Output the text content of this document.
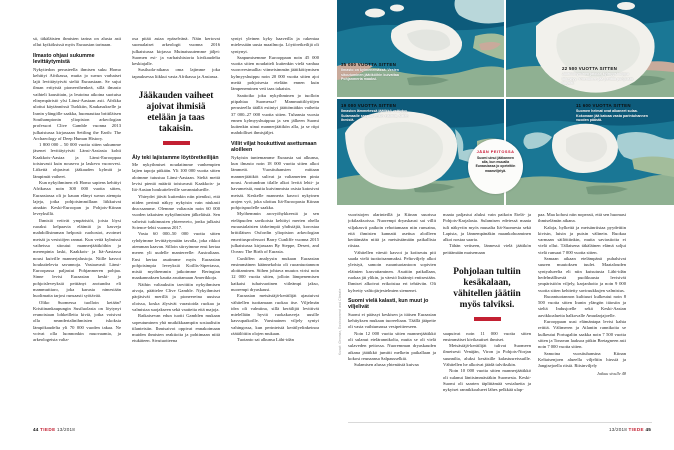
sä, täkäläisten ihmisten tarina on alusta asti ollut kytköksissä myös Euraasian tarinaan.

Ilmasto ohjasi sukumme levittäytymistä

Nykytiedon perusteella ihmisen suku Homo kehittyi Afrikassa, mutta jo suvun varhaiset lajit levittäytyivät sieltä Euraasiaan. Se sujui ilman erityistä pioneerihenkeä, sillä ilmasto vaihteli kausittain, ja leutoina aikoina suotuisa elinympäristö ylsi Länsi-Aasiaan asti. Afrikka ulottui käytännössä Turkkiin, Kaukasukselle ja Iranin ylängölle saakka, huomauttaa brittiläisen Southamptonin yliopiston arkeologian professori Clive Gamble vuonna 2013 julkaistussa kirjassaan Settling the Earth: The Archaeology of Deep Human History.

1 800 000 – 50 000 vuotta sitten sukumme jäsenet levittäytyivät Länsi-Aasiasta kohti Kaakkois-Aasiaa ja Länsi-Eurooppaa toistuvasti kuin nouseva ja laskeva vuorovesi. Liikettä ohjasivat jääkauden kylmät ja lämpimät vaiheet.

Kun nykyihminen eli Homo sapiens kehittyi Afrikassa noin 300 000 vuotta sitten, Euraasiassa oli jo kauan elänyt suvun aiempia lajeja, jotka pohjoisimmillaan liikkuivat ainakin Keski-Euroopan ja Pohjois-Kiinan leveyksillä.

Ihmisiä vetivät ympäristöt, joista löysi ruoaksi kelpaavia eläimiä ja kasveja mahdollisimman helposti: ruohostot, avoimet metsät ja vesistöjen rannat. Kun vettä kylmissä vaiheissa sitoutui mannerjäätiköihin ja merenpinta laski, Kaakkois- ja Itä-Aasiassa nousi kuiville mannerjalustoja. Niille kasvoi houkuttelevia savannoja. Vastaavasti Länsi-Euroopassa paljastui Pohjanmeren pohjaa. Sinne levisi Euraasian keski- ja pohjoisleveyksiä peittänyt arotundra eli mammuttiaro, joka karusta nimestään huolimatta tarjosi runsaasti syötävää.

Oliko Suomessa tuolloin ketään? Kristiinankaupungin Susiluolasta on löytynyt reunoistaan lohkeilleita kiviä, jotka voisivat olla neandertalinihmisten iskoksia lämpökaudelta yli 70 000 vuoden takaa. Ne voivat olla luonnonkin muovaamia, ja arkeologeista valta-

osa pitää asiaa epäselvänä. Näin kertovat suomalaiset arkeologit vuonna 2016 julkaistussa kirjassa Muinaisuutemme jäljet: Suomen esi- ja varhaishistoria kivikaudelta keskiajalle.

Susiluola-aikana oma lajimme joka tapauksessa liikkui vasta Afrikassa ja Aasiassa.

Jääkauden vaiheet ajoivat ihmisiä etelään ja taas takaisin.

Äly teki lajistamme löytöretkeilijän

Me nykyihmiset noudatimme vanhempien lajien tapoja pitkään. Yli 100 000 vuotta sitten aloimme tutustua Länsi-Aasiaan. Sieltä meitä levisi pieniä määriä toistuvasti Kaakkois- ja Itä-Aasian houkutteleville savannialueille.

Yhteydet jäivät kuitenkin niin pieniksi, että niiden perimä näkyy nykyisin vain niukasti dna:ssamme. Olemme valtaosin noin 60 000 vuoden takaisten nykyihmisten jälkeläisiä. Sen vahvisti tutkimusten yhteenveto, jonka julkaisi Science-lehti vuonna 2017.

Vasta 60 000–50 000 vuotta sitten ryhdyimme levittäytymään tavalla, joka rikkoi aiemman kaavan. Silloin siirryimme ensi kertaa meren yli uudelle mantereelle: Australiaan. Ensi kertaa asutimme myös Euraasian pohjoisimpia leveyksiä Koillis-Siperiassa, mistä myöhemmin jatkoimme Beringian maakannaksen kautta asuttamaan Amerikkoja.

Näihin valtauksiin tarvittiin nykyihmisen aivoja, päättelee Clive Gamble. Nykyihmiset pärjäsivät merillä ja pioneereina uusissa oloissa, koska älysivät varastoida ruokaa ja valmistaa suojakseen sekä vaatteita että majoja.

Ratkaisevan edun tuotti Gamblen mukaan sopeutuminen yhä mutkikkaampiin sosiaalisiin tilanteisiin. Ihmisaivot oppivat ennakoimaan muiden ihmisten reaktioita ja pohtimaan niitä etukäteen. Sivutuotteena

syntyi yleinen kyky haaveilla ja rakentaa mielessään uusia maailmoja. Löytöretkeilijä oli syntynyt.

Saapumisemme Eurooppaan noin 45 000 vuotta sitten noudatteli kuitenkin vielä vanhaa vuorovesimallia: viimeisimmän jäätiköitymisen kylmyyshuippu noin 20 000 vuotta sitten ajoi meitä pohjoisesta etelään ennen kuin lämpeneminen veti taas takaisin.

Saattoiko joku nykyihminen jo tuolloin piipahtaa Suomessa? Mammuttilöytöjen perusteella täällä esiintyi jäättömiäkin vaiheita 37 000–27 000 vuotta sitten. Tuhansia vuosia ennen kylmyyshuippua ja sen jälkeen Suomi kuitenkin uinui mannerjäätikön alla, ja se riipi mahdolliset ihmisjäljet.

Villit viljat houkuttivat asettumaan aloilleen

Nykyisin tuntemamme Euraasia sai alkunsa, kun ilmasto noin 18 000 vuotta sitten alkoi lämmetä. Vuosituhansien mittaan mannerjäätiköt sulivat ja valtamerten pinta nousi. Arotundran tilalle alkoi levitä lehti- ja havumetsiä, mutta kuivimmista osista katosivat metsät. Keskelle mannerta kasvoi nykyinen arojen vyö, joka ulottuu Itä-Euroopasta Kiinan pohjoispuolelle saakka.

Myöhemmin arovyöhykkeestä ja sen eteläpuolen savikoista kehittyi merten ohella euraasialaisten tärkeimpiä yhdistäjiä, korostaa brittiläisen Oxfordin yliopiston arkeologian emeritusprofessori Barry Cunliffe vuonna 2015 julkaistussa kirjassaan By Steppe, Desert, and Ocean: The Birth of Eurasia.

Cunliffen analyysin mukaan Euraasian ensimmäinen käännekohta oli ruoantuotannon aloittaminen. Siihen johtava muutos virisi noin 12 000 vuotta sitten, jolloin lämpenemisen katkaisi tuhatvuotinen viileämpi jakso, nuorempi dryaskausi.

Euraasian metsästäjä-keräilijät ajautuivat vähitellen tuottamaan ruokaa itse. Viljelmän idea oli valmiina, sillä keräilijät levittivät mielellään hyviä ruokakasveja uusille kasvupaikoille. Varsinainen viljely syntyi vahingossa, kun perinteistä keräilyelinkeinoa räätälöitiin olojen mukaan.

Tuotanto sai alkunsa Lähi-idän

44 TIEDE 13/2018
35 000 VUOTTA SITTEN

Ilmasto on kylmenemässä. Vesien sitoutuminen jäätiköihin kuivattaa Pohjanmerta maaksi.

22 500 VUOTTA SITTEN

Jäätiköityminen jatkuu, kylmyyshuippu lähestyy. Yhtenäinen jää peittää pohjoista laajalti.

19 000 VUOTTA SITTEN

Ilmaston lämmetessä jäätikkö vetäytyy. Sulamaalle saapuu ensin eläimiä, sitten ihmisiä.

11 600 VUOTTA SITTEN

Suomen helmat ovat alkaneet sulaa. Kokonaan jää katoaa vasta parintuhannen vuoden päästä.

JÄÄN PEITOSSA

Suomi uinui jääkannen alla, kun muualla Euraasiassa jo opeteltiin maanviljelyä.

Kuvat: Geomar, Environment and Climate

vuoristojen alarinteillä ja Kiinan suurissa jokilaaksoissa. Nuorempi dryaskausi sai villit viljakasvit paikoin rehottamaan niin runsaina, että ihmisten kannatti asettua aloilleen keräämään niitä ja metsästämään paikallista riistaa.

Vähitellen väestö kasvoi ja kotiseutu piti saada vielä tuottoisammaksi. Peltoviljely alkoi yleistyä, samoin ruoantuotantoon sopivien eläinten kasvattaminen. Asuttiin paikallaan, ruokaa jäi ylikin, ja väestö lisääntyi entisestään. Ihmiset alkoivat erikoistua eri tehtäviin. Oli kylvetty valtiojärjestelmien siemenet.

Suomi vielä kalasti, kun muut jo viljelivät

Suomi ei päässyt keskisen ja itäisen Euraasian kehityksen mukaan tuoreeltaan. Täällä jääpeite oli vasta vaihtumassa vesipeitteeseen.

Noin 12 000 vuotta sitten mannerjäätikkö oli sulanut etelärannikolta, mutta se oli vielä sulaveden peitossa. Nuoremman dryaskauden aikana jäätikkö jumitti melkein paikallaan ja kokosi reunaansa Salpausselkiä.

Sulamisen alussa yhtenäistä kuivaa

maata paljastui aluksi vain paikoin Etelä- ja Pohjois-Karjalasta. Sulamisen edetessä maata tuli näkyviin myös muualta Itä-Suomesta sekä Lapista, ja lännempänäkin maankohoaminen alkoi nostaa saaria.

Tähän vetiseen, lännessä vielä jäätikön peittämään maisemaan

Pohjolaan tultiin kesäkalaan, vähitellen jäätiin myös talviksi.

saapuivat noin 11 000 vuotta sitten ensimmäiset kivikautiset ihmiset.

Metsästäjä-keräilijät tulivat Suomeen ilmeisesti Venäjän, Viron ja Pohjois-Norjan suunnilta, aluksi kesäisille kalastusreissuille. Vähitellen he alkoivat jäädä talviksikin.

Noin 10 000 vuotta sitten mannerjäätikkö oli sulanut läntisimmästäkin Suomesta. Keski-Suomi oli saarten täplittämää vesialuetta ja nykyiset rannikkoalueet lähes pelkkää ulap-

paa. Maa kohosi niin nopeasti, että sen huomasi ihmiselämän aikana.

Kaloja, hylkeitä ja metsänriistaa pyydettiin kivisin, luisin ja puisin välinein. Ruokaa varmaan säilöttiinkin, mutta saviastioita ei vielä ollut. Tällaisena täkäläinen elämä soljui vielä runsaat 7 000 vuotta sitten.

Samaan aikaan etelämpänä puhalsivat suuren muutoksen tuulet. Maatalouden syntyalueelta eli niin kutsutusta Lähi-idän hedelmällisestä puolikuusta levisivät ympäristöön viljely, karjanhoito ja noin 9 000 vuotta sitten kehitetty saviruukkujen valmistus.

Ruoantuotannon kulttuuri kulkeutui noin 8 500 vuotta sitten Iranin ylängön itäosiin ja sieltä Indusjoelle sekä Keski-Aasian aavikkoaluetta halkovalle Amudarjajoelle.

Eurooppaan uusi elämäntapa levisi kahta reittiä. Välimeren ja Atlantin rannikoita se kulkeutui Portugaliin saakka noin 7 500 vuotta sitten ja Tonavan laaksoa pitkin Bretagneen asti noin 7 000 vuotta sitten.

Samoina vuosituhansina Kiinan Keltaisenjoen alueella viljeltiin hirssiä ja Jangtsejoella riisiä. Riisinviljely

Jatkuu sivulle 48

13/2018 TIEDE 45
